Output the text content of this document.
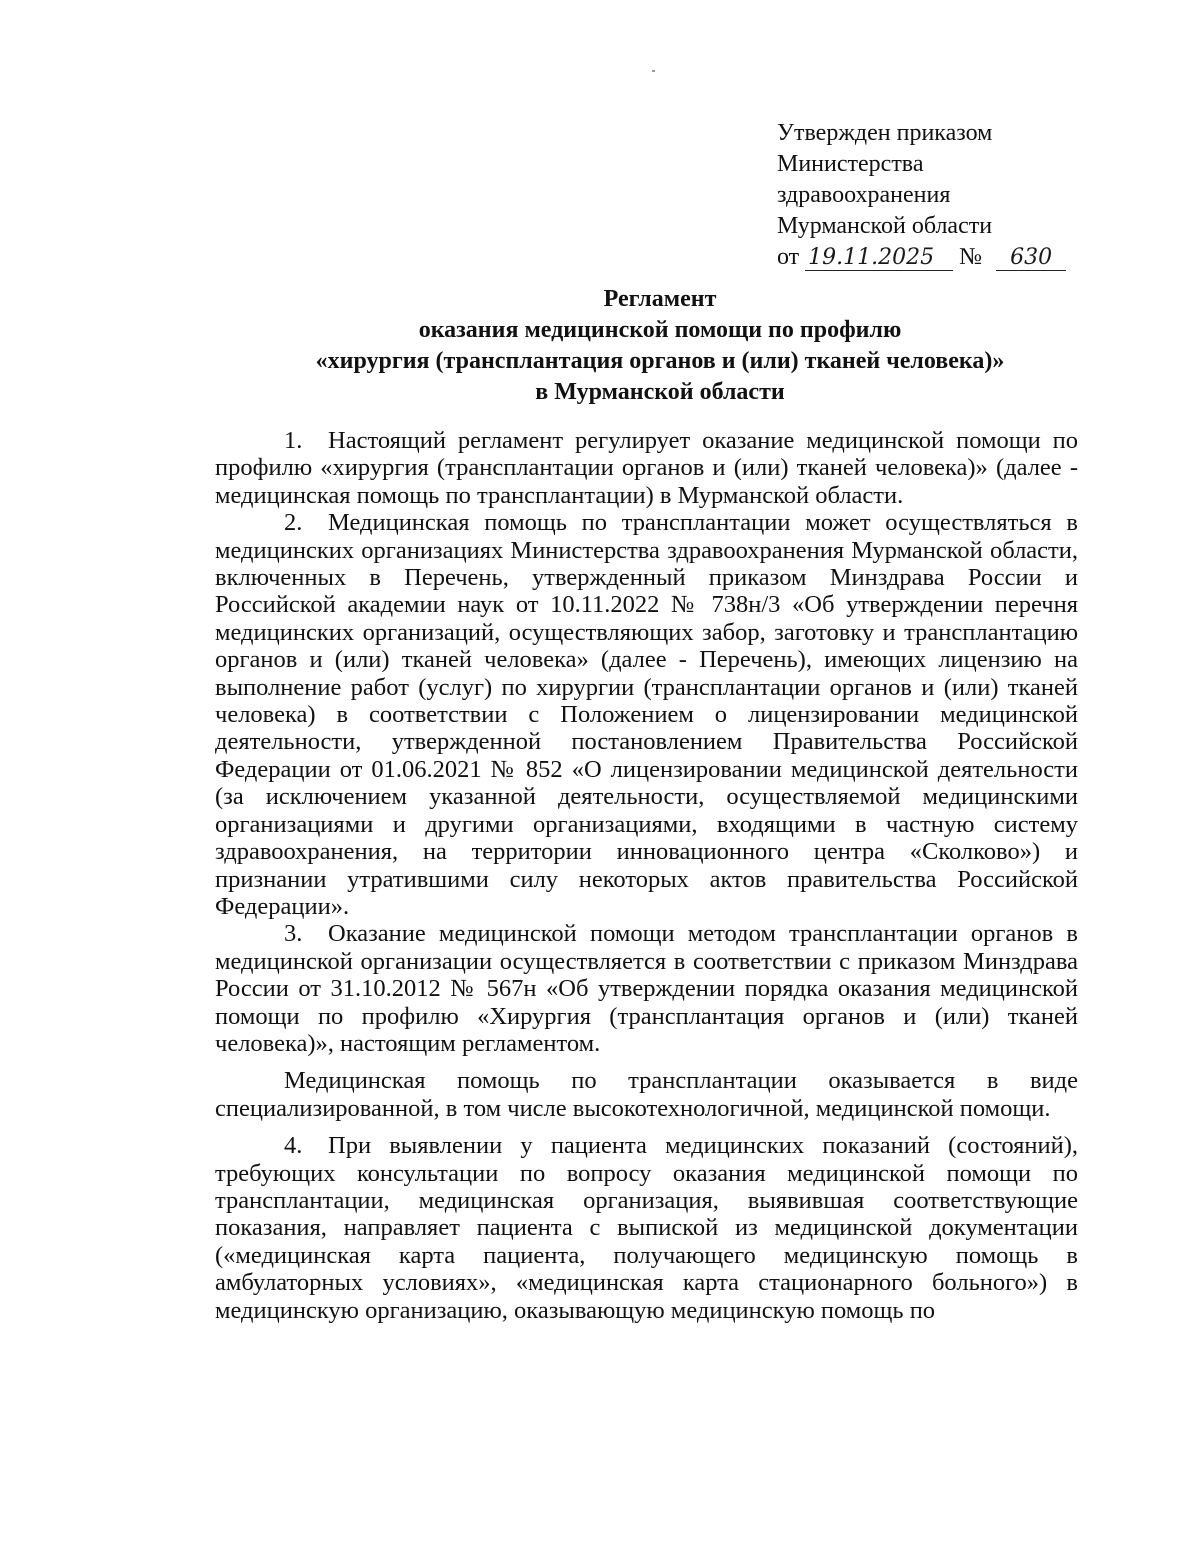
Утвержден приказом
Министерства
здравоохранения
Мурманской области
от 19.11.2025 № 630
Регламент
оказания медицинской помощи по профилю
«хирургия (трансплантация органов и (или) тканей человека)»
в Мурманской области

1. Настоящий регламент регулирует оказание медицинской помощи по профилю «хирургия (трансплантации органов и (или) тканей человека)» (далее - медицинская помощь по трансплантации) в Мурманской области.

2. Медицинская помощь по трансплантации может осуществляться в медицинских организациях Министерства здравоохранения Мурманской области, включенных в Перечень, утвержденный приказом Минздрава России и Российской академии наук от 10.11.2022 № 738н/3 «Об утверждении перечня медицинских организаций, осуществляющих забор, заготовку и трансплантацию органов и (или) тканей человека» (далее - Перечень), имеющих лицензию на выполнение работ (услуг) по хирургии (трансплантации органов и (или) тканей человека) в соответствии с Положением о лицензировании медицинской деятельности, утвержденной постановлением Правительства Российской Федерации от 01.06.2021 № 852 «О лицензировании медицинской деятельности (за исключением указанной деятельности, осуществляемой медицинскими организациями и другими организациями, входящими в частную систему здравоохранения, на территории инновационного центра «Сколково») и признании утратившими силу некоторых актов правительства Российской Федерации».

3. Оказание медицинской помощи методом трансплантации органов в медицинской организации осуществляется в соответствии с приказом Минздрава России от 31.10.2012 № 567н «Об утверждении порядка оказания медицинской помощи по профилю «Хирургия (трансплантация органов и (или) тканей человека)», настоящим регламентом.

Медицинская помощь по трансплантации оказывается в виде специализированной, в том числе высокотехнологичной, медицинской помощи.

4. При выявлении у пациента медицинских показаний (состояний), требующих консультации по вопросу оказания медицинской помощи по трансплантации, медицинская организация, выявившая соответствующие показания, направляет пациента с выпиской из медицинской документации («медицинская карта пациента, получающего медицинскую помощь в амбулаторных условиях», «медицинская карта стационарного больного») в медицинскую организацию, оказывающую медицинскую помощь по
